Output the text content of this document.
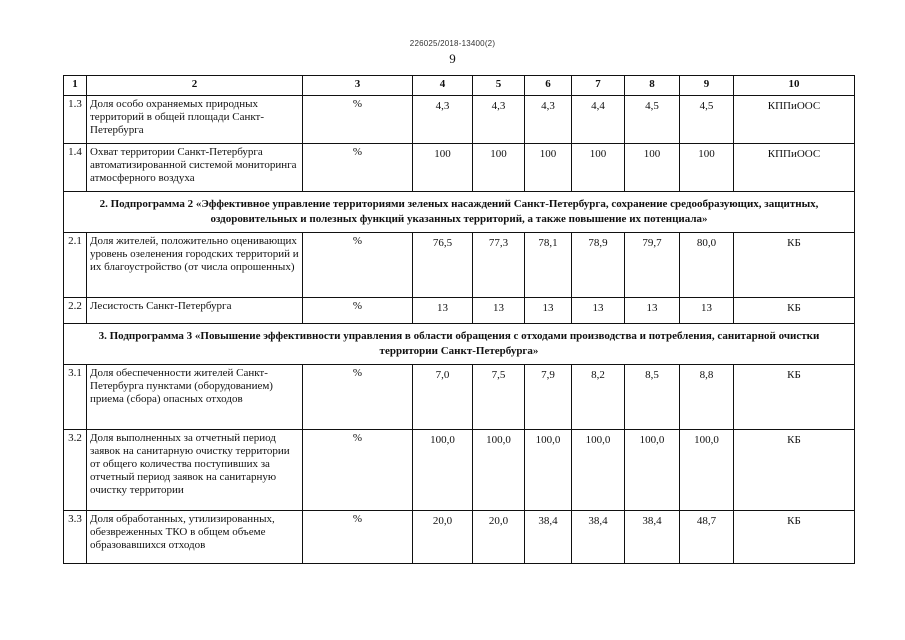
226025/2018-13400(2)
9
1	2	3	4	5	6	7	8	9	10
1.3	Доля особо охраняемых природных территорий в общей площади Санкт-Петербурга	%	4,3	4,3	4,3	4,4	4,5	4,5	КППиООС
1.4	Охват территории Санкт-Петербурга автоматизированной системой мониторинга атмосферного воздуха	%	100	100	100	100	100	100	КППиООС
2. Подпрограмма 2 «Эффективное управление территориями зеленых насаждений Санкт-Петербурга, сохранение средообразующих, защитных, оздоровительных и полезных функций указанных территорий, а также повышение их потенциала»									
2.1	Доля жителей, положительно оценивающих уровень озеленения городских территорий и их благоустройство (от числа опрошенных)	%	76,5	77,3	78,1	78,9	79,7	80,0	КБ
2.2	Лесистость Санкт-Петербурга	%	13	13	13	13	13	13	КБ
3. Подпрограмма 3 «Повышение эффективности управления в области обращения с отходами производства и потребления, санитарной очистки территории Санкт-Петербурга»									
3.1	Доля обеспеченности жителей Санкт-Петербурга пунктами (оборудованием) приема (сбора) опасных отходов	%	7,0	7,5	7,9	8,2	8,5	8,8	КБ
3.2	Доля выполненных за отчетный период заявок на санитарную очистку территории от общего количества поступивших за отчетный период заявок на санитарную очистку территории	%	100,0	100,0	100,0	100,0	100,0	100,0	КБ
3.3	Доля обработанных, утилизированных, обезвреженных ТКО в общем объеме образовавшихся отходов	%	20,0	20,0	38,4	38,4	38,4	48,7	КБ
